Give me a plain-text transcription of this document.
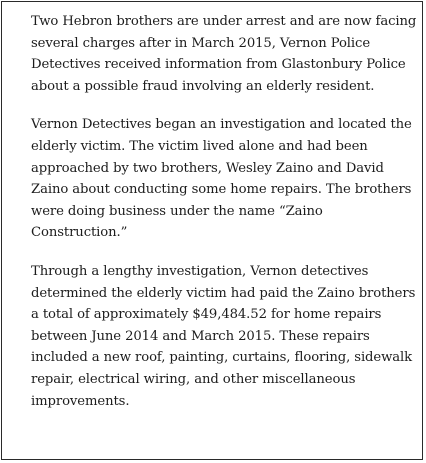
Two Hebron brothers are under arrest and are now facing several charges after in March 2015, Vernon Police Detectives received information from Glastonbury Police about a possible fraud involving an elderly resident.

Vernon Detectives began an investigation and located the elderly victim. The victim lived alone and had been approached by two brothers, Wesley Zaino and David Zaino about conducting some home repairs. The brothers were doing business under the name “Zaino Construction.”

Through a lengthy investigation, Vernon detectives determined the elderly victim had paid the Zaino brothers a total of approximately $49,484.52 for home repairs between June 2014 and March 2015. These repairs included a new roof, painting, curtains, flooring, sidewalk repair, electrical wiring, and other miscellaneous improvements.
